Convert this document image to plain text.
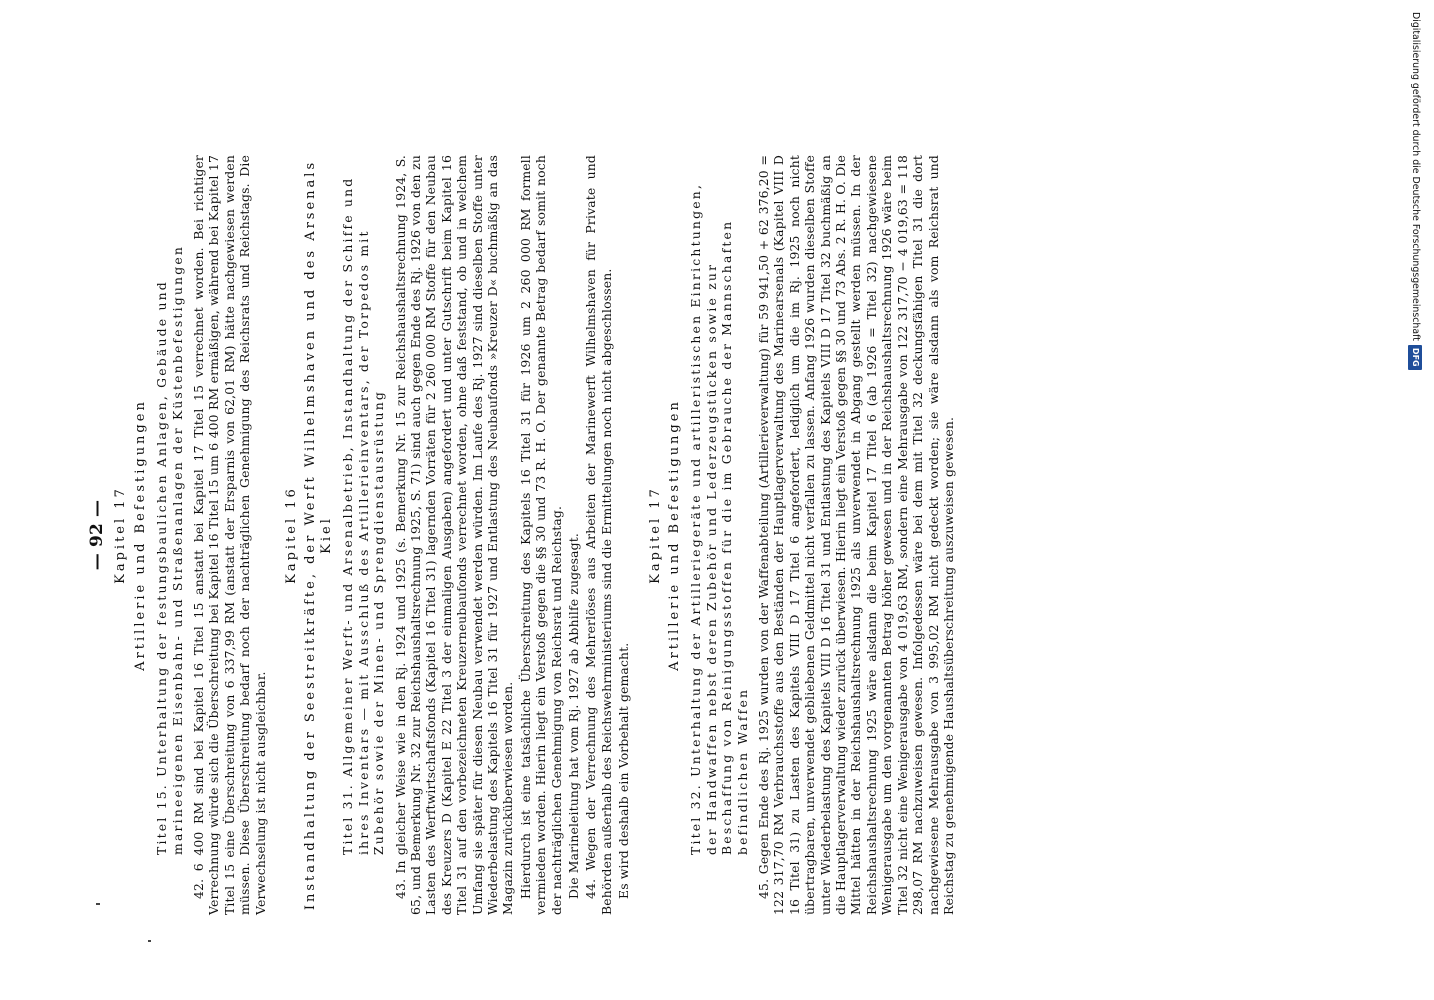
— 92 — Kapitel 17 Artillerie und Befestigungen Titel 15. Unterhaltung der festungsbaulichen Anlagen, Gebäude und marineeigenen Eisenbahn- und Straßenanlagen der Küstenbefestigungen 42. 6 400 RM sind bei Kapitel 16 Titel 15 anstatt bei Kapitel 17 Titel 15 verrechnet worden. Bei richtiger Verrechnung würde sich die Überschreitung bei Kapitel 16 Titel 15 um 6 400 RM ermäßigen, während bei Kapitel 17 Titel 15 eine Überschreitung von 6 337,99 RM (anstatt der Ersparnis von 62,01 RM) hätte nachgewiesen werden müssen. Diese Überschreitung bedarf noch der nachträglichen Genehmigung des Reichsrats und Reichstags. Die Verwechselung ist nicht ausgleichbar.

Kapitel 16 Instandhaltung der Seestreitkräfte, der Werft Wilhelmshaven und des Arsenals Kiel Titel 31. Allgemeiner Werft- und Arsenalbetrieb, Instandhaltung der Schiffe und ihres Inventars — mit Ausschluß des Artillerieinventars, der Torpedos mit Zubehör sowie der Minen- und Sprengdienstausrüstung 43. In gleicher Weise wie in den Rj. 1924 und 1925 (s. Bemerkung Nr. 15 zur Reichshaushaltsrechnung 1924, S. 65, und Bemerkung Nr. 32 zur Reichshaushaltsrechnung 1925, S. 71) sind auch gegen Ende des Rj. 1926 von den zu Lasten des Werftwirtschaftsfonds (Kapitel 16 Titel 31) lagernden Vorräten für 2 260 000 RM Stoffe für den Neubau des Kreuzers D (Kapitel E 22 Titel 3 der einmaligen Ausgaben) angefordert und unter Gutschrift beim Kapitel 16 Titel 31 auf den vorbezeichneten Kreuzerneubaufonds verrechnet worden, ohne daß feststand, ob und in welchem Umfang sie später für diesen Neubau verwendet werden würden. Im Laufe des Rj. 1927 sind dieselben Stoffe unter Wiederbelastung des Kapitels 16 Titel 31 für 1927 und Entlastung des Neubaufonds »Kreuzer D« buchmäßig an das Magazin zurücküberwiesen worden. Hierdurch ist eine tatsächliche Überschreitung des Kapitels 16 Titel 31 für 1926 um 2 260 000 RM formell vermieden worden. Hierin liegt ein Verstoß gegen die §§ 30 und 73 R. H. O. Der genannte Betrag bedarf somit noch der nachträglichen Genehmigung von Reichsrat und Reichstag. Die Marineleitung hat vom Rj. 1927 ab Abhilfe zugesagt. 44. Wegen der Verrechnung des Mehrerlöses aus Arbeiten der Marinewerft Wilhelmshaven für Private und Behörden außerhalb des Reichswehrministeriums sind die Ermittelungen noch nicht abgeschlossen. Es wird deshalb ein Vorbehalt gemacht.

Kapitel 17 Artillerie und Befestigungen Titel 32. Unterhaltung der Artilleriegeräte und artilleristischen Einrichtungen, der Handwaffen nebst deren Zubehör und Lederzeugstücken sowie zur Beschaffung von Reinigungsstoffen für die im Gebrauche der Mannschaften befindlichen Waffen 45. Gegen Ende des Rj. 1925 wurden von der Waffenabteilung (Artillerieverwaltung) für 59 941,50 + 62 376,20 = 122 317,70 RM Verbrauchsstoffe aus den Beständen der Hauptlagerverwaltung des Marinearsenals (Kapitel VIII D 16 Titel 31) zu Lasten des Kapitels VIII D 17 Titel 6 angefordert, lediglich um die im Rj. 1925 noch nicht übertragbaren, unverwendet gebliebenen Geldmittel nicht verfallen zu lassen. Anfang 1926 wurden dieselben Stoffe unter Wiederbelastung des Kapitels VIII D 16 Titel 31 und Entlastung des Kapitels VIII D 17 Titel 32 buchmäßig an die Hauptlagerverwaltung wieder zurück überwiesen. Hierin liegt ein Verstoß gegen §§ 30 und 73 Abs. 2 R. H. O. Die Mittel hätten in der Reichshaushaltsrechnung 1925 als unverwendet in Abgang gestellt werden müssen. In der Reichshaushaltsrechnung 1925 wäre alsdann die beim Kapitel 17 Titel 6 (ab 1926 = Titel 32) nachgewiesene Wenigerausgabe um den vorgenannten Betrag höher gewesen und in der Reichshaushaltsrechnung 1926 wäre beim Titel 32 nicht eine Wenigerausgabe von 4 019,63 RM, sondern eine Mehrausgabe von 122 317,70 − 4 019,63 = 118 298,07 RM nachzuweisen gewesen. Infolgedessen wäre bei dem mit Titel 32 deckungsfähigen Titel 31 die dort nachgewiesene Mehrausgabe von 3 995,02 RM nicht gedeckt worden; sie wäre alsdann als vom Reichsrat und Reichstag zu genehmigende Haushaltsüberschreitung auszuweisen gewesen.

Digitalisierung gefördert durch die Deutsche Forschungsgemeinschaft
DFG
